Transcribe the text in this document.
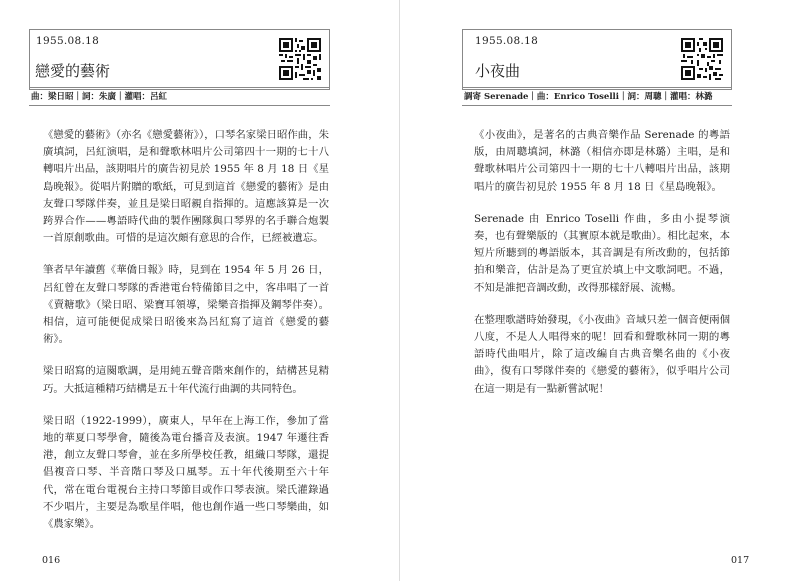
1955.08.18
戀愛的藝術
曲：梁日昭｜詞：朱廣｜灌唱：呂紅

《戀愛的藝術》（亦名《戀愛藝術》），口琴名家梁日昭作曲，朱廣填詞，呂紅演唱，是和聲歌林唱片公司第四十一期的七十八轉唱片出品，該期唱片的廣告初見於 1955 年 8 月 18 日《星島晚報》。從唱片附贈的歌紙，可見到這首《戀愛的藝術》是由友聲口琴隊伴奏，並且是梁日昭親自指揮的。這應該算是一次跨界合作——粵語時代曲的製作團隊與口琴界的名手聯合炮製一首原創歌曲。可惜的是這次頗有意思的合作，已經被遺忘。

筆者早年讀舊《華僑日報》時，見到在 1954 年 5 月 26 日，呂紅曾在友聲口琴隊的香港電台特備節目之中，客串唱了一首《賣糖歌》（梁日昭、梁寶耳領導，梁樂音指揮及鋼琴伴奏）。相信，這可能便促成梁日昭後來為呂紅寫了這首《戀愛的藝術》。

梁日昭寫的這闋歌調，是用純五聲音階來創作的，結構甚見精巧。大抵這種精巧結構是五十年代流行曲調的共同特色。

梁日昭（1922-1999），廣東人，早年在上海工作，參加了當地的華夏口琴學會，隨後為電台播音及表演。1947 年遷往香港，創立友聲口琴會，並在多所學校任教，組織口琴隊，還提倡複音口琴、半音階口琴及口風琴。五十年代後期至六十年代，常在電台電視台主持口琴節目或作口琴表演。梁氏灌錄過不少唱片，主要是為歌星伴唱，他也創作過一些口琴樂曲，如《農家樂》。

016
1955.08.18
小夜曲
調寄 Serenade｜曲：Enrico Toselli｜詞：周聰｜灌唱：林潞

《小夜曲》，是著名的古典音樂作品 Serenade 的粵語版，由周聰填詞，林潞（相信亦即是林璐）主唱，是和聲歌林唱片公司第四十一期的七十八轉唱片出品，該期唱片的廣告初見於 1955 年 8 月 18 日《星島晚報》。

Serenade 由 Enrico Toselli 作曲，多由小提琴演奏，也有聲樂版的（其實原本就是歌曲）。相比起來，本短片所聽到的粵語版本，其音調是有所改動的，包括節拍和樂音，估計是為了更宜於填上中文歌詞吧。不過，不知是誰把音調改動，改得那樣舒展、流暢。

在整理歌譜時始發現，《小夜曲》音域只差一個音便兩個八度，不是人人唱得來的呢！回看和聲歌林同一期的粵語時代曲唱片，除了這改編自古典音樂名曲的《小夜曲》，復有口琴隊伴奏的《戀愛的藝術》，似乎唱片公司在這一期是有一點新嘗試呢！

017
